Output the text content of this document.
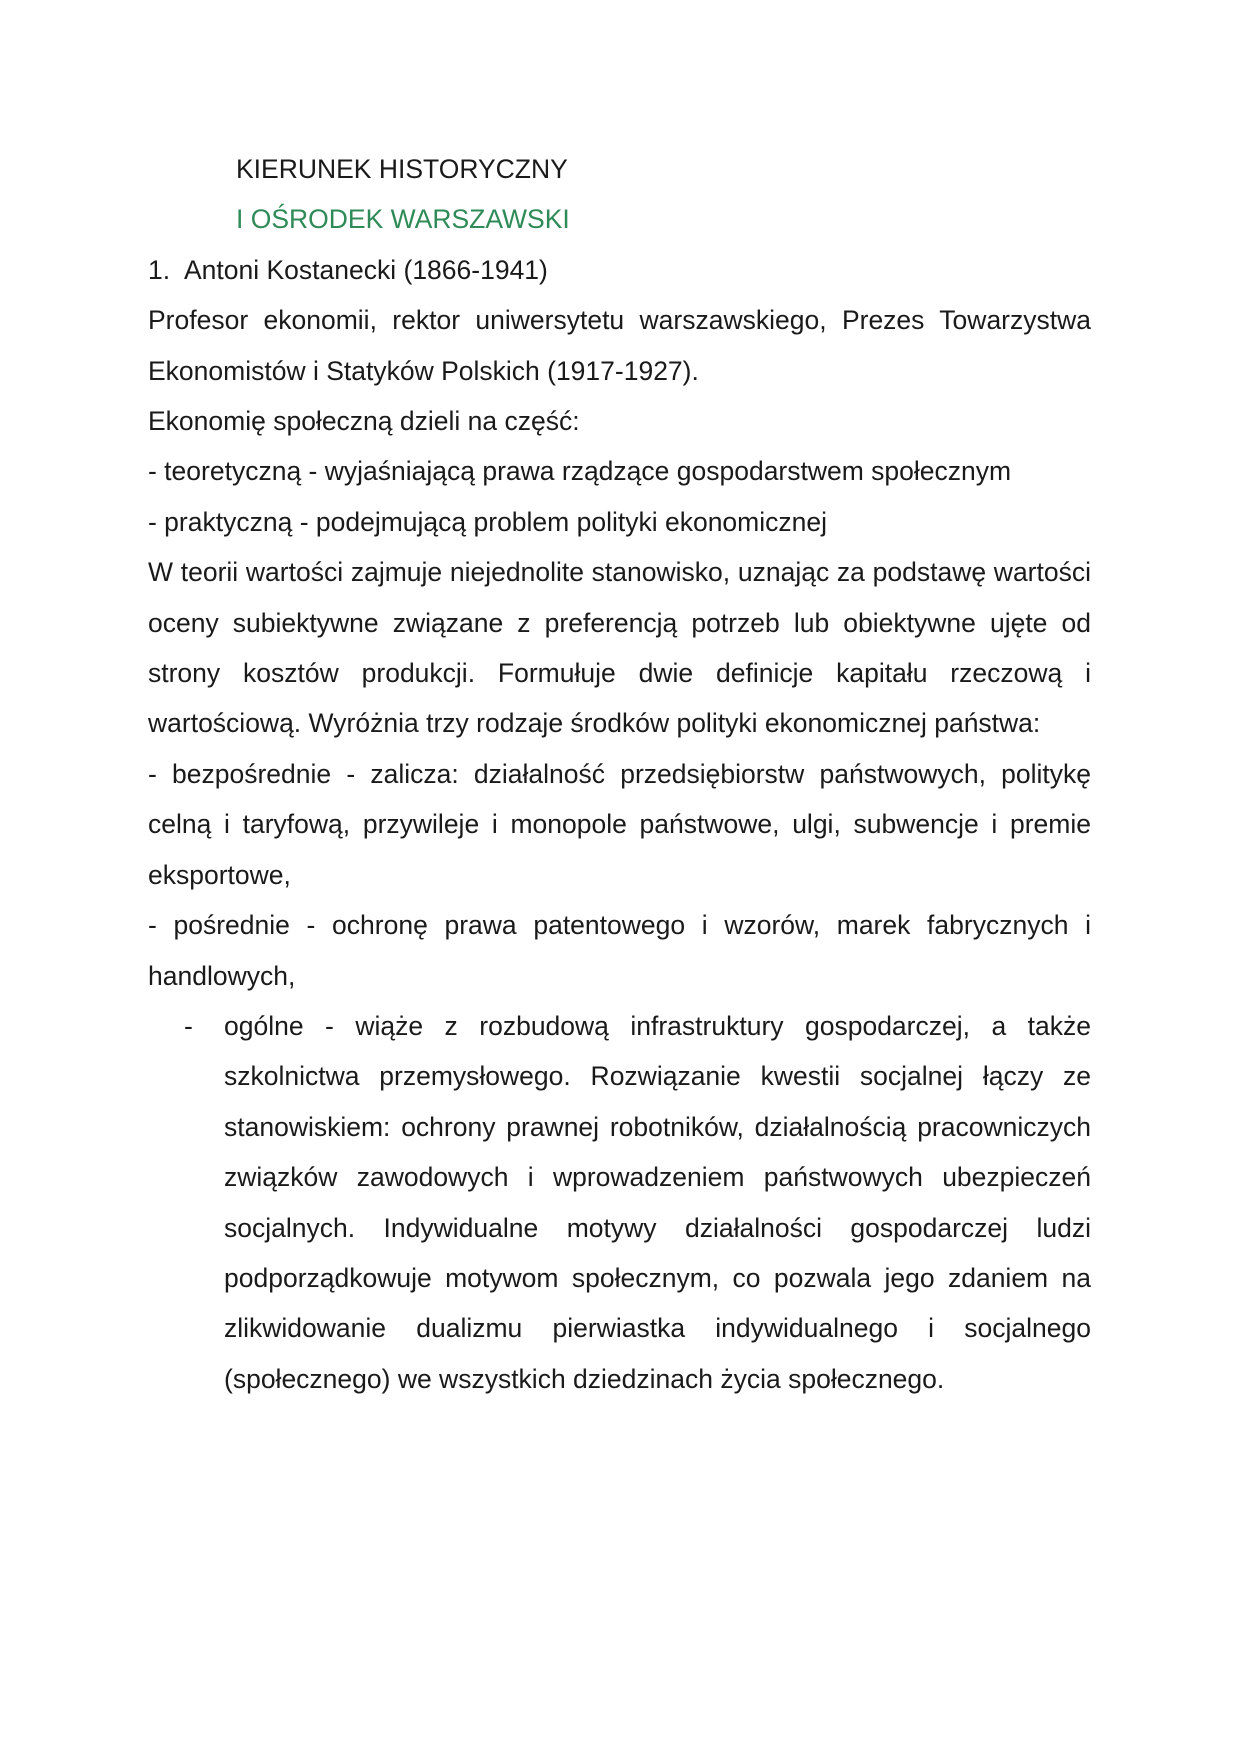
KIERUNEK HISTORYCZNY
I OŚRODEK WARSZAWSKI
1. Antoni Kostanecki (1866-1941)

Profesor ekonomii, rektor uniwersytetu warszawskiego, Prezes Towarzystwa Ekonomistów i Statyków Polskich (1917-1927).

Ekonomię społeczną dzieli na część:

- teoretyczną - wyjaśniającą prawa rządzące gospodarstwem społecznym

- praktyczną - podejmującą problem polityki ekonomicznej

W teorii wartości zajmuje niejednolite stanowisko, uznając za podstawę wartości oceny subiektywne związane z preferencją potrzeb lub obiektywne ujęte od strony kosztów produkcji. Formułuje dwie definicje kapitału rzeczową i wartościową. Wyróżnia trzy rodzaje środków polityki ekonomicznej państwa:

- bezpośrednie - zalicza: działalność przedsiębiorstw państwowych, politykę celną i taryfową, przywileje i monopole państwowe, ulgi, subwencje i premie eksportowe,

- pośrednie - ochronę prawa patentowego i wzorów, marek fabrycznych i handlowych,

- ogólne - wiąże z rozbudową infrastruktury gospodarczej, a także szkolnictwa przemysłowego. Rozwiązanie kwestii socjalnej łączy ze stanowiskiem: ochrony prawnej robotników, działalnością pracowniczych związków zawodowych i wprowadzeniem państwowych ubezpieczeń socjalnych. Indywidualne motywy działalności gospodarczej ludzi podporządkowuje motywom społecznym, co pozwala jego zdaniem na zlikwidowanie dualizmu pierwiastka indywidualnego i socjalnego (społecznego) we wszystkich dziedzinach życia społecznego.
